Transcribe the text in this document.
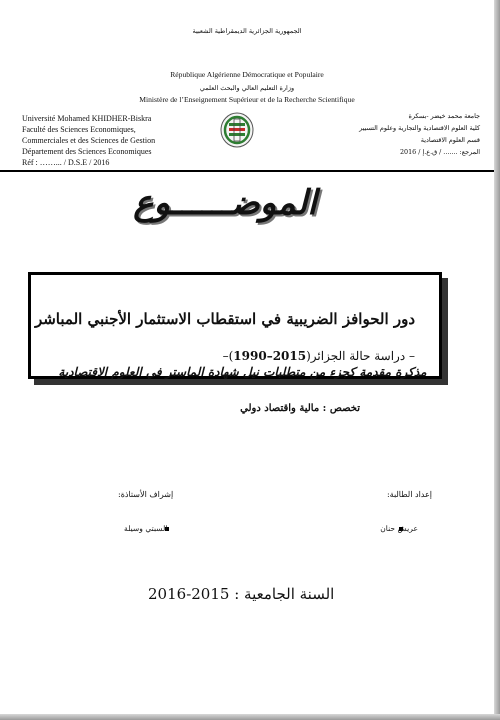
الجمهورية الجزائرية الديمقراطية الشعبية
République Algérienne Démocratique et Populaire
وزارة التعليم العالي والبحث العلمي
Ministère de l’Enseignement Supérieur et de la Recherche Scientifique
Université Mohamed KHIDHER-Biskra
Faculté des Sciences Economiques,
Commerciales et des Sciences de Gestion
Département des Sciences Economiques
Réf : ……... / D.S.E / 2016
جامعة محمد خيضر -بسكرة
كلية العلوم الاقتصادية والتجارية وعلوم التسيير
قسم العلوم الاقتصادية
المرجع: ....... / ق.ع.إ / 2016
الموضــــــوع
دور الحوافز الضريبية في استقطاب الاستثمار الأجنبي المباشر
– دراسة حالة الجزائر(1990–2015)–
مذكرة مقدمة كجزء من متطلبات نيل شهادة الماستر في العلوم الاقتصادية
تخصص : مالية واقتصاد دولي
إعداد الطالبة:
إشراف الأستاذة:
عريش حنان
السبتي وسيلة
السنة الجامعية : 2015-2016
